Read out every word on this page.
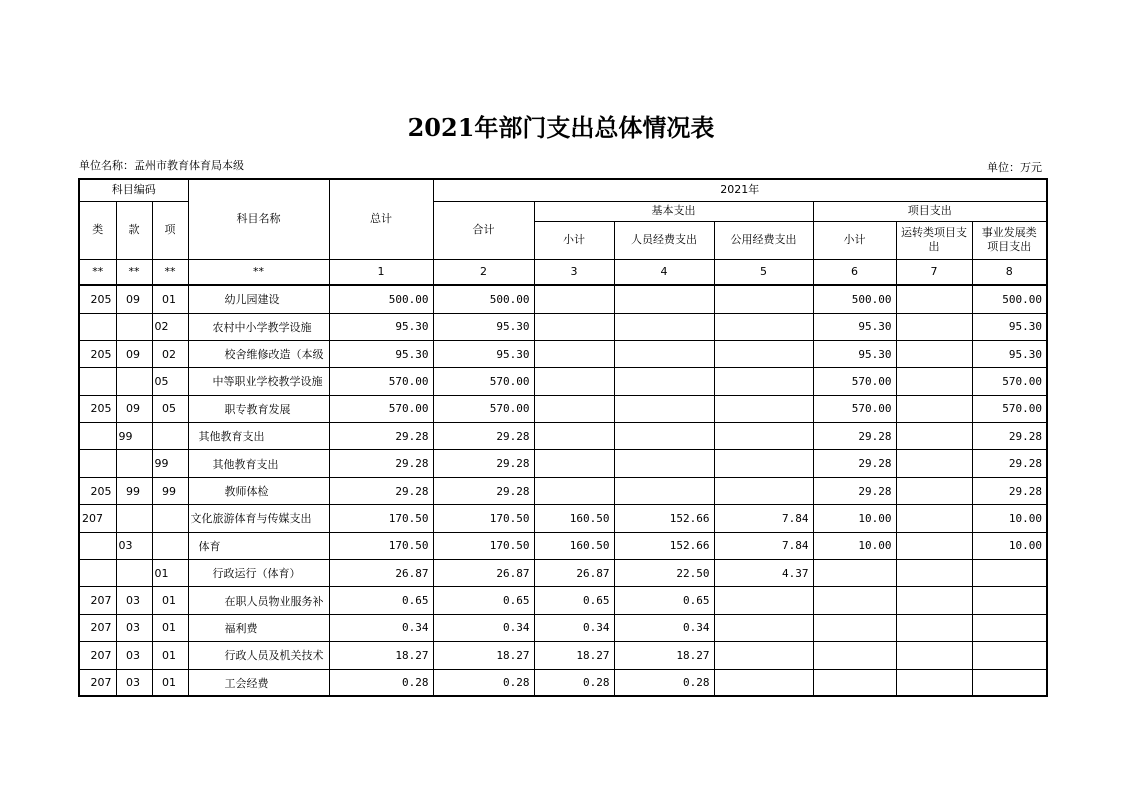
2021年部门支出总体情况表
单位名称：孟州市教育体育局本级	单位：万元
科目编码			科目名称	总计	2021年						
类	款	项			合计	基本支出			项目支出		
						小计	人员经费支出	公用经费支出	小计	运转类项目支出	事业发展类项目支出
**	**	**	**	1	2	3	4	5	6	7	8
205	09	01	幼儿园建设	500.00	500.00				500.00		500.00
		02	农村中小学教学设施	95.30	95.30				95.30		95.30
205	09	02	校舍维修改造（本级	95.30	95.30				95.30		95.30
		05	中等职业学校教学设施	570.00	570.00				570.00		570.00
205	09	05	职专教育发展	570.00	570.00				570.00		570.00
	99		其他教育支出	29.28	29.28				29.28		29.28
		99	其他教育支出	29.28	29.28				29.28		29.28
205	99	99	教师体检	29.28	29.28				29.28		29.28
207			文化旅游体育与传媒支出	170.50	170.50	160.50	152.66	7.84	10.00		10.00
	03		体育	170.50	170.50	160.50	152.66	7.84	10.00		10.00
		01	行政运行（体育）	26.87	26.87	26.87	22.50	4.37			
207	03	01	在职人员物业服务补	0.65	0.65	0.65	0.65				
207	03	01	福利费	0.34	0.34	0.34	0.34				
207	03	01	行政人员及机关技术	18.27	18.27	18.27	18.27				
207	03	01	工会经费	0.28	0.28	0.28	0.28				
